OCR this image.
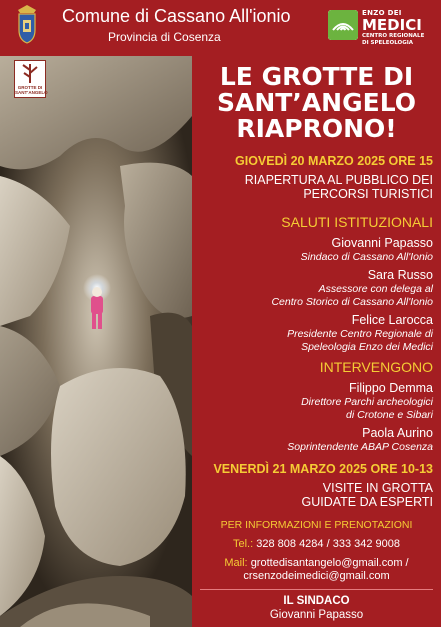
Comune di Cassano All'ionio
Provincia di Cosenza
ENZO DEI
MEDICI
CENTRO REGIONALE
DI SPELEOLOGIA
GROTTE DI SANT'ANGELO
LE GROTTE DI
SANT’ANGELO
RIAPRONO!
GIOVEDÌ 20 MARZO 2025 ORE 15
RIAPERTURA AL PUBBLICO DEI
PERCORSI TURISTICI
SALUTI ISTITUZIONALI
Giovanni Papasso
Sindaco di Cassano All'Ionio
Sara Russo
Assessore con delega al
Centro Storico di Cassano All'Ionio
Felice Larocca
Presidente Centro Regionale di
Speleologia Enzo dei Medici
INTERVENGONO
Filippo Demma
Direttore Parchi archeologici
di Crotone e Sibari
Paola Aurino
Soprintendente ABAP Cosenza
VENERDÌ 21 MARZO 2025 ORE 10-13
VISITE IN GROTTA
GUIDATE DA ESPERTI
PER INFORMAZIONI E PRENOTAZIONI
Tel.: 328 808 4284 / 333 342 9008
Mail: grottedisantangelo@gmail.com /
crsenzodeimedici@gmail.com
IL SINDACO
Giovanni Papasso
